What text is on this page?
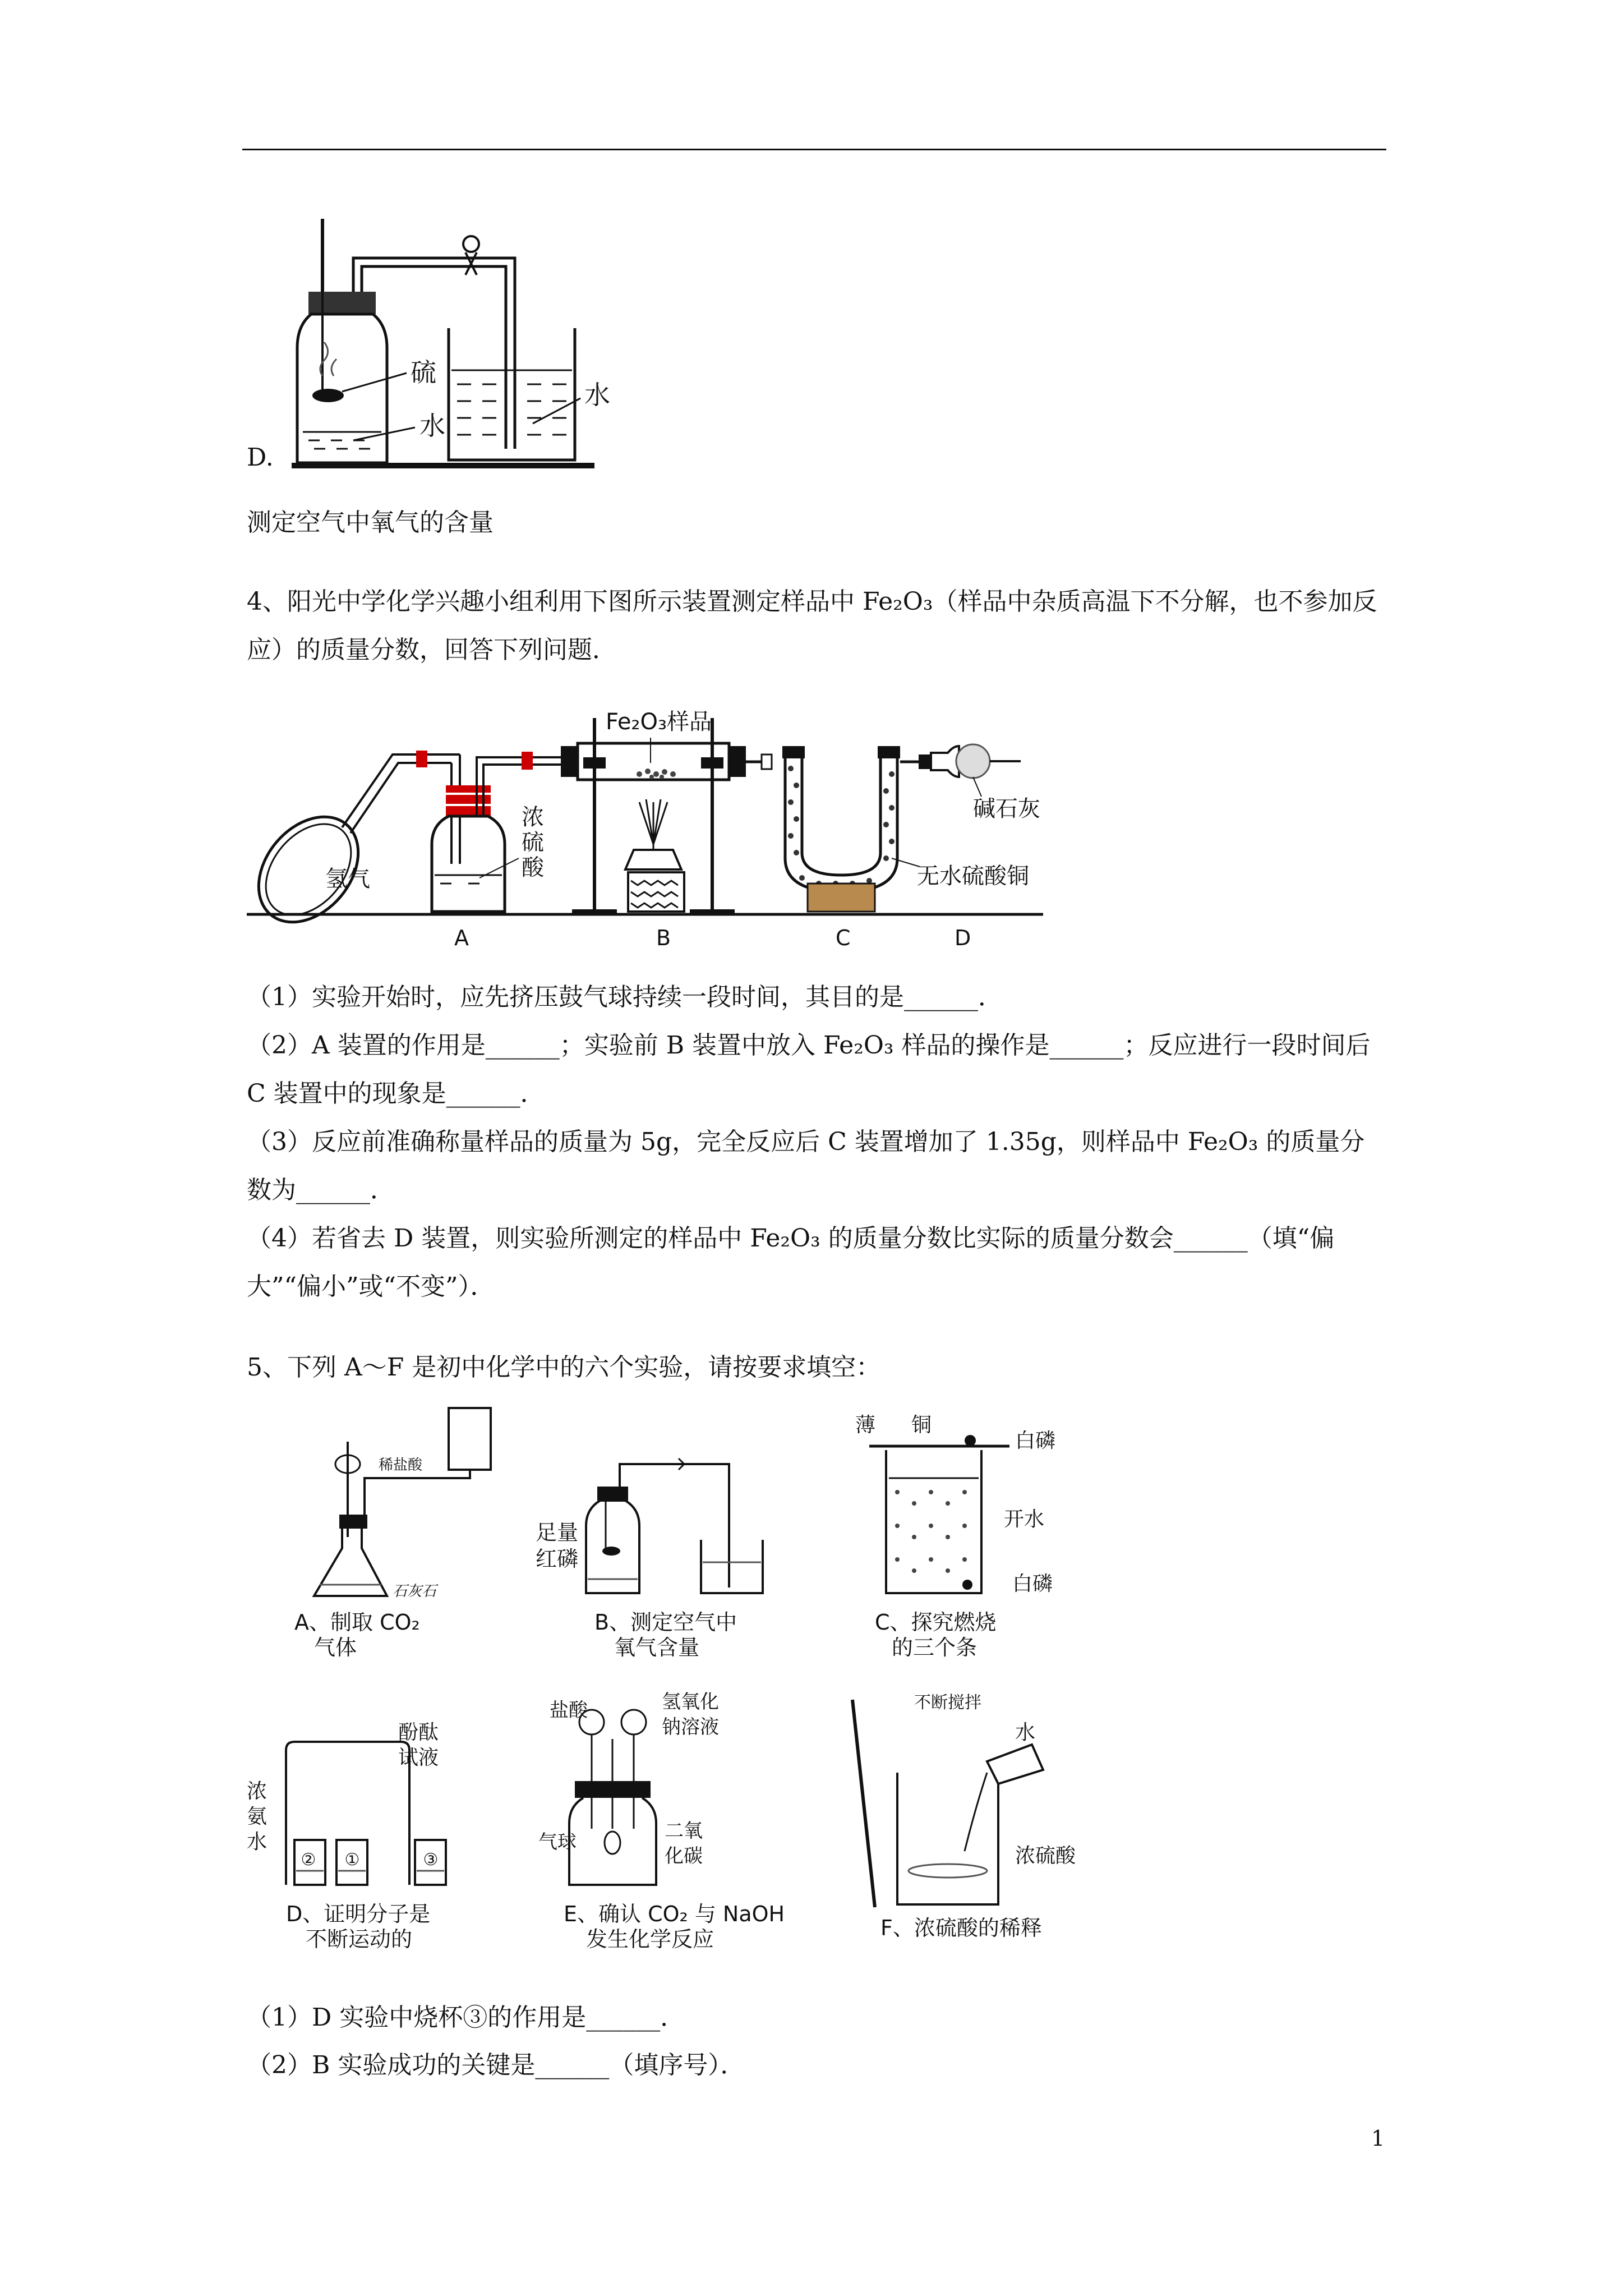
硫
水
水
D.
测定空气中氧气的含量
4、阳光中学化学兴趣小组利用下图所示装置测定样品中 Fe₂O₃（样品中杂质高温下不分解，也不参加反应）的质量分数，回答下列问题．
Fe₂O₃样品
氢气
浓
硫
酸
碱石灰
无水硫酸铜
A	B	C	D
（1）实验开始时，应先挤压鼓气球持续一段时间，其目的是______．
（2）A 装置的作用是______；实验前 B 装置中放入 Fe₂O₃ 样品的操作是______；反应进行一段时间后 C 装置中的现象是______．
（3）反应前准确称量样品的质量为 5g，完全反应后 C 装置增加了 1.35g，则样品中 Fe₂O₃ 的质量分数为______．
（4）若省去 D 装置，则实验所测定的样品中 Fe₂O₃ 的质量分数比实际的质量分数会______（填“偏大”“偏小”或“不变”）．
5、下列 A～F 是初中化学中的六个实验，请按要求填空：
稀盐酸
石灰石
A、制取 CO₂
气体
足量
红磷
B、测定空气中
氧气含量
薄 铜
白磷
开水
白磷
C、探究燃烧
的三个条
② ①	③
酚酞
试液
浓
氨
水
D、证明分子是
不断运动的
盐酸	氢氧化
钠溶液
气球	二氧
化碳
E、确认 CO₂ 与 NaOH
发生化学反应
不断搅拌
水
浓硫酸
F、浓硫酸的稀释
（1）D 实验中烧杯③的作用是______．
（2）B 实验成功的关键是______（填序号）．
1
